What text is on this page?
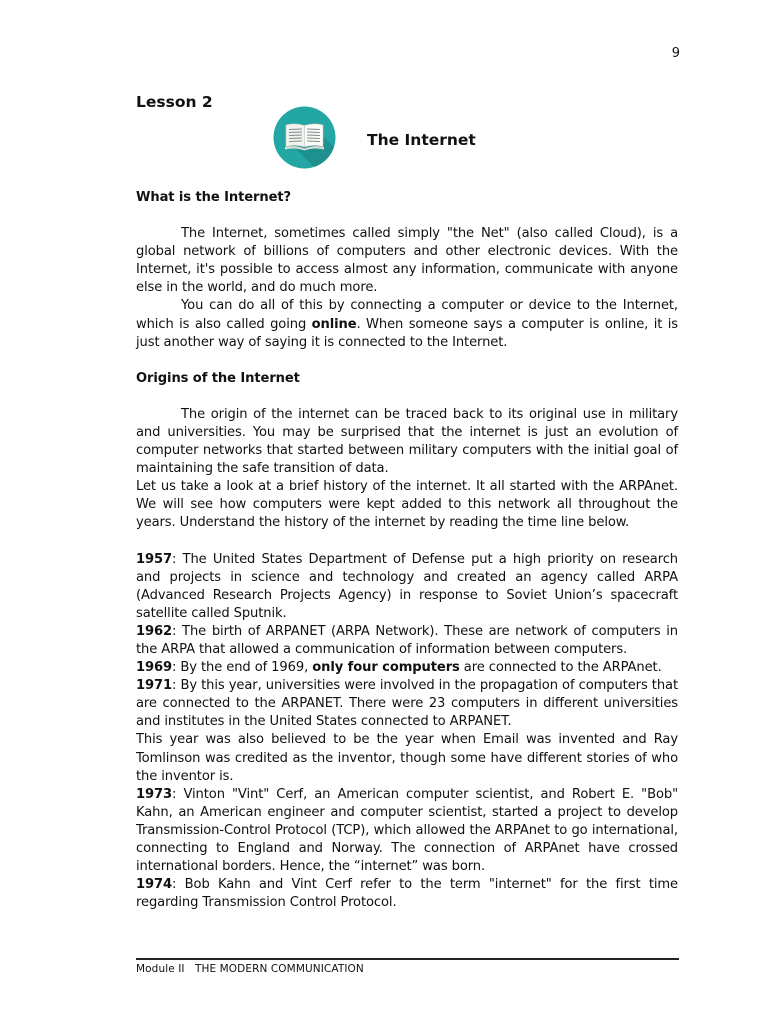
9
Lesson 2
The Internet
What is the Internet?

The Internet, sometimes called simply "the Net" (also called Cloud), is a global network of billions of computers and other electronic devices. With the Internet, it's possible to access almost any information, communicate with anyone else in the world, and do much more.

You can do all of this by connecting a computer or device to the Internet, which is also called going online. When someone says a computer is online, it is just another way of saying it is connected to the Internet.

Origins of the Internet

The origin of the internet can be traced back to its original use in military and universities. You may be surprised that the internet is just an evolution of computer networks that started between military computers with the initial goal of maintaining the safe transition of data.

Let us take a look at a brief history of the internet. It all started with the ARPAnet. We will see how computers were kept added to this network all throughout the years. Understand the history of the internet by reading the time line below.

1957: The United States Department of Defense put a high priority on research and projects in science and technology and created an agency called ARPA (Advanced Research Projects Agency) in response to Soviet Union’s spacecraft satellite called Sputnik.

1962: The birth of ARPANET (ARPA Network). These are network of computers in the ARPA that allowed a communication of information between computers.

1969: By the end of 1969, only four computers are connected to the ARPAnet.

1971: By this year, universities were involved in the propagation of computers that are connected to the ARPANET. There were 23 computers in different universities and institutes in the United States connected to ARPANET.

This year was also believed to be the year when Email was invented and Ray Tomlinson was credited as the inventor, though some have different stories of who the inventor is.

1973: Vinton "Vint" Cerf, an American computer scientist, and Robert E. "Bob" Kahn, an American engineer and computer scientist, started a project to develop Transmission-Control Protocol (TCP), which allowed the ARPAnet to go international, connecting to England and Norway. The connection of ARPAnet have crossed international borders. Hence, the “internet” was born.

1974: Bob Kahn and Vint Cerf refer to the term "internet" for the first time regarding Transmission Control Protocol.

Module II THE MODERN COMMUNICATION
